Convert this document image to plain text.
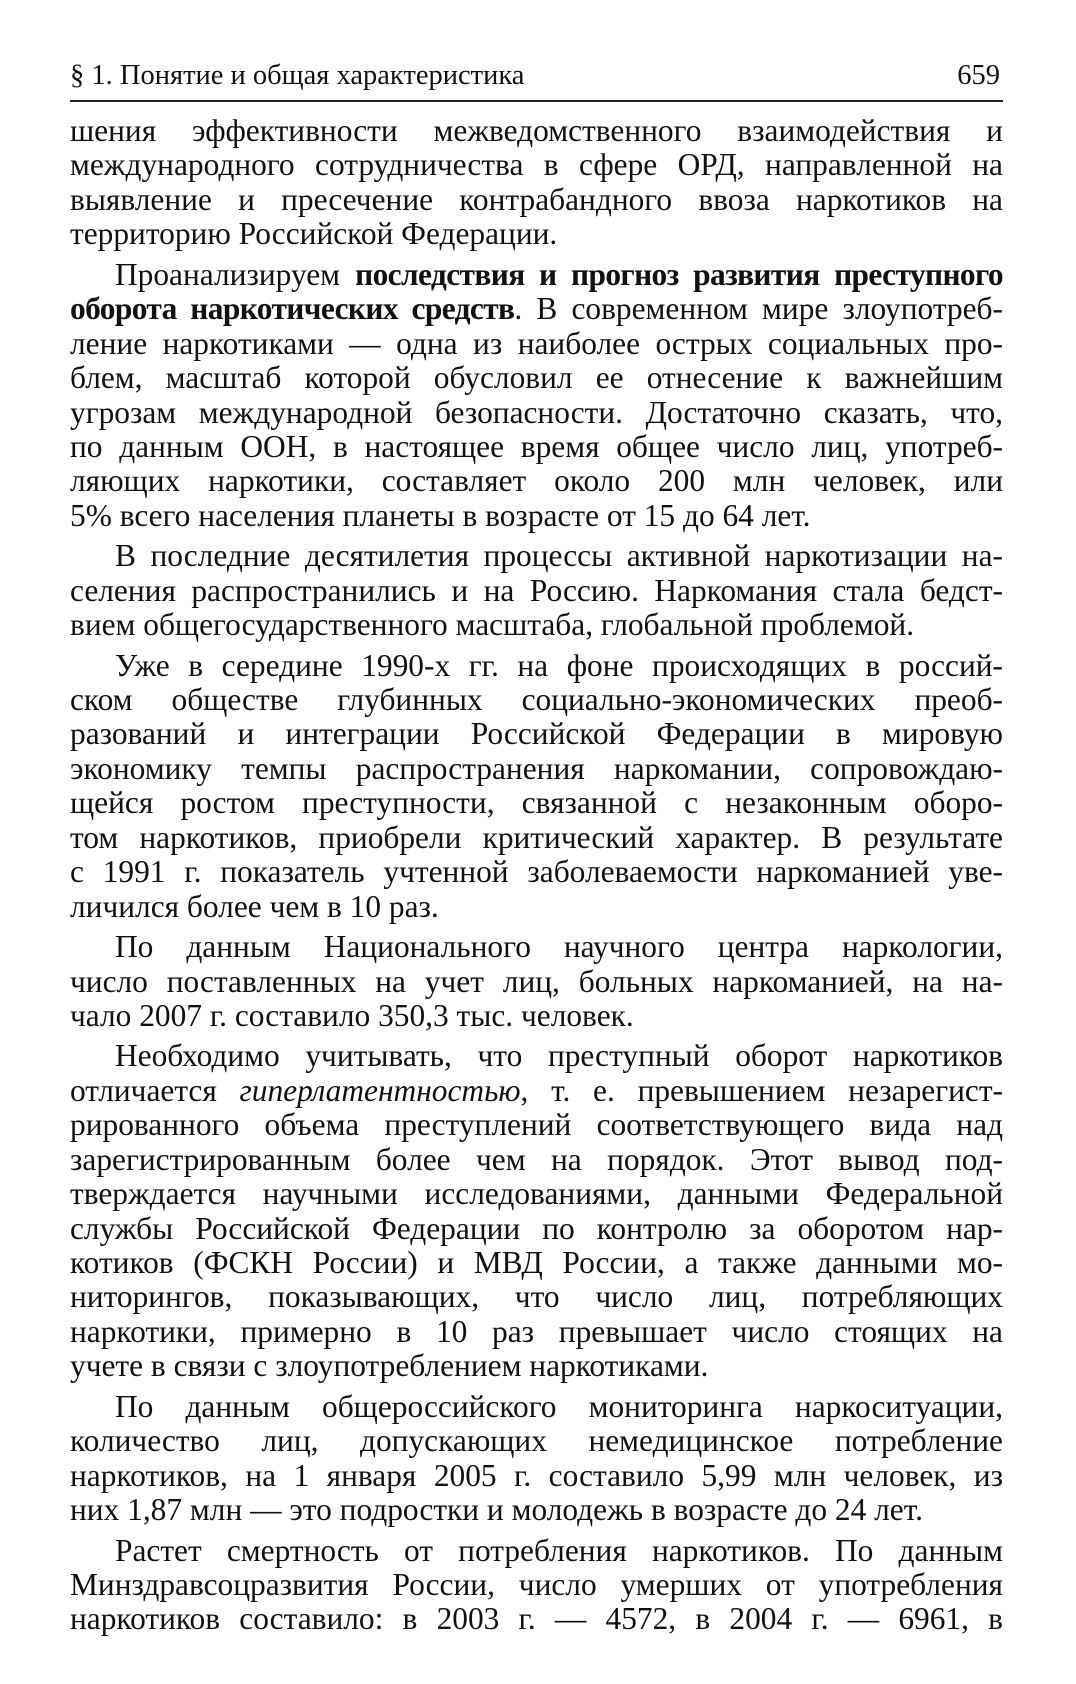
§ 1. Понятие и общая характеристика	659
шения эффективности межведомственного взаимодействия и
международного сотрудничества в сфере ОРД, направленной на
выявление и пресечение контрабандного ввоза наркотиков на
территорию Российской Федерации.
Проанализируем последствия и прогноз развития преступного
оборота наркотических средств. В современном мире злоупотреб-
ление наркотиками — одна из наиболее острых социальных про-
блем, масштаб которой обусловил ее отнесение к важнейшим
угрозам международной безопасности. Достаточно сказать, что,
по данным ООН, в настоящее время общее число лиц, употреб-
ляющих наркотики, составляет около 200 млн человек, или
5% всего населения планеты в возрасте от 15 до 64 лет.
В последние десятилетия процессы активной наркотизации на-
селения распространились и на Россию. Наркомания стала бедст-
вием общегосударственного масштаба, глобальной проблемой.
Уже в середине 1990-х гг. на фоне происходящих в россий-
ском обществе глубинных социально-экономических преоб-
разований и интеграции Российской Федерации в мировую
экономику темпы распространения наркомании, сопровождаю-
щейся ростом преступности, связанной с незаконным оборо-
том наркотиков, приобрели критический характер. В результате
с 1991 г. показатель учтенной заболеваемости наркоманией уве-
личился более чем в 10 раз.
По данным Национального научного центра наркологии,
число поставленных на учет лиц, больных наркоманией, на на-
чало 2007 г. составило 350,3 тыс. человек.
Необходимо учитывать, что преступный оборот наркотиков
отличается гиперлатентностью, т. е. превышением незарегист-
рированного объема преступлений соответствующего вида над
зарегистрированным более чем на порядок. Этот вывод под-
тверждается научными исследованиями, данными Федеральной
службы Российской Федерации по контролю за оборотом нар-
котиков (ФСКН России) и МВД России, а также данными мо-
ниторингов, показывающих, что число лиц, потребляющих
наркотики, примерно в 10 раз превышает число стоящих на
учете в связи с злоупотреблением наркотиками.
По данным общероссийского мониторинга наркоситуации,
количество лиц, допускающих немедицинское потребление
наркотиков, на 1 января 2005 г. составило 5,99 млн человек, из
них 1,87 млн — это подростки и молодежь в возрасте до 24 лет.
Растет смертность от потребления наркотиков. По данным
Минздравсоцразвития России, число умерших от употребления
наркотиков составило: в 2003 г. — 4572, в 2004 г. — 6961, в
